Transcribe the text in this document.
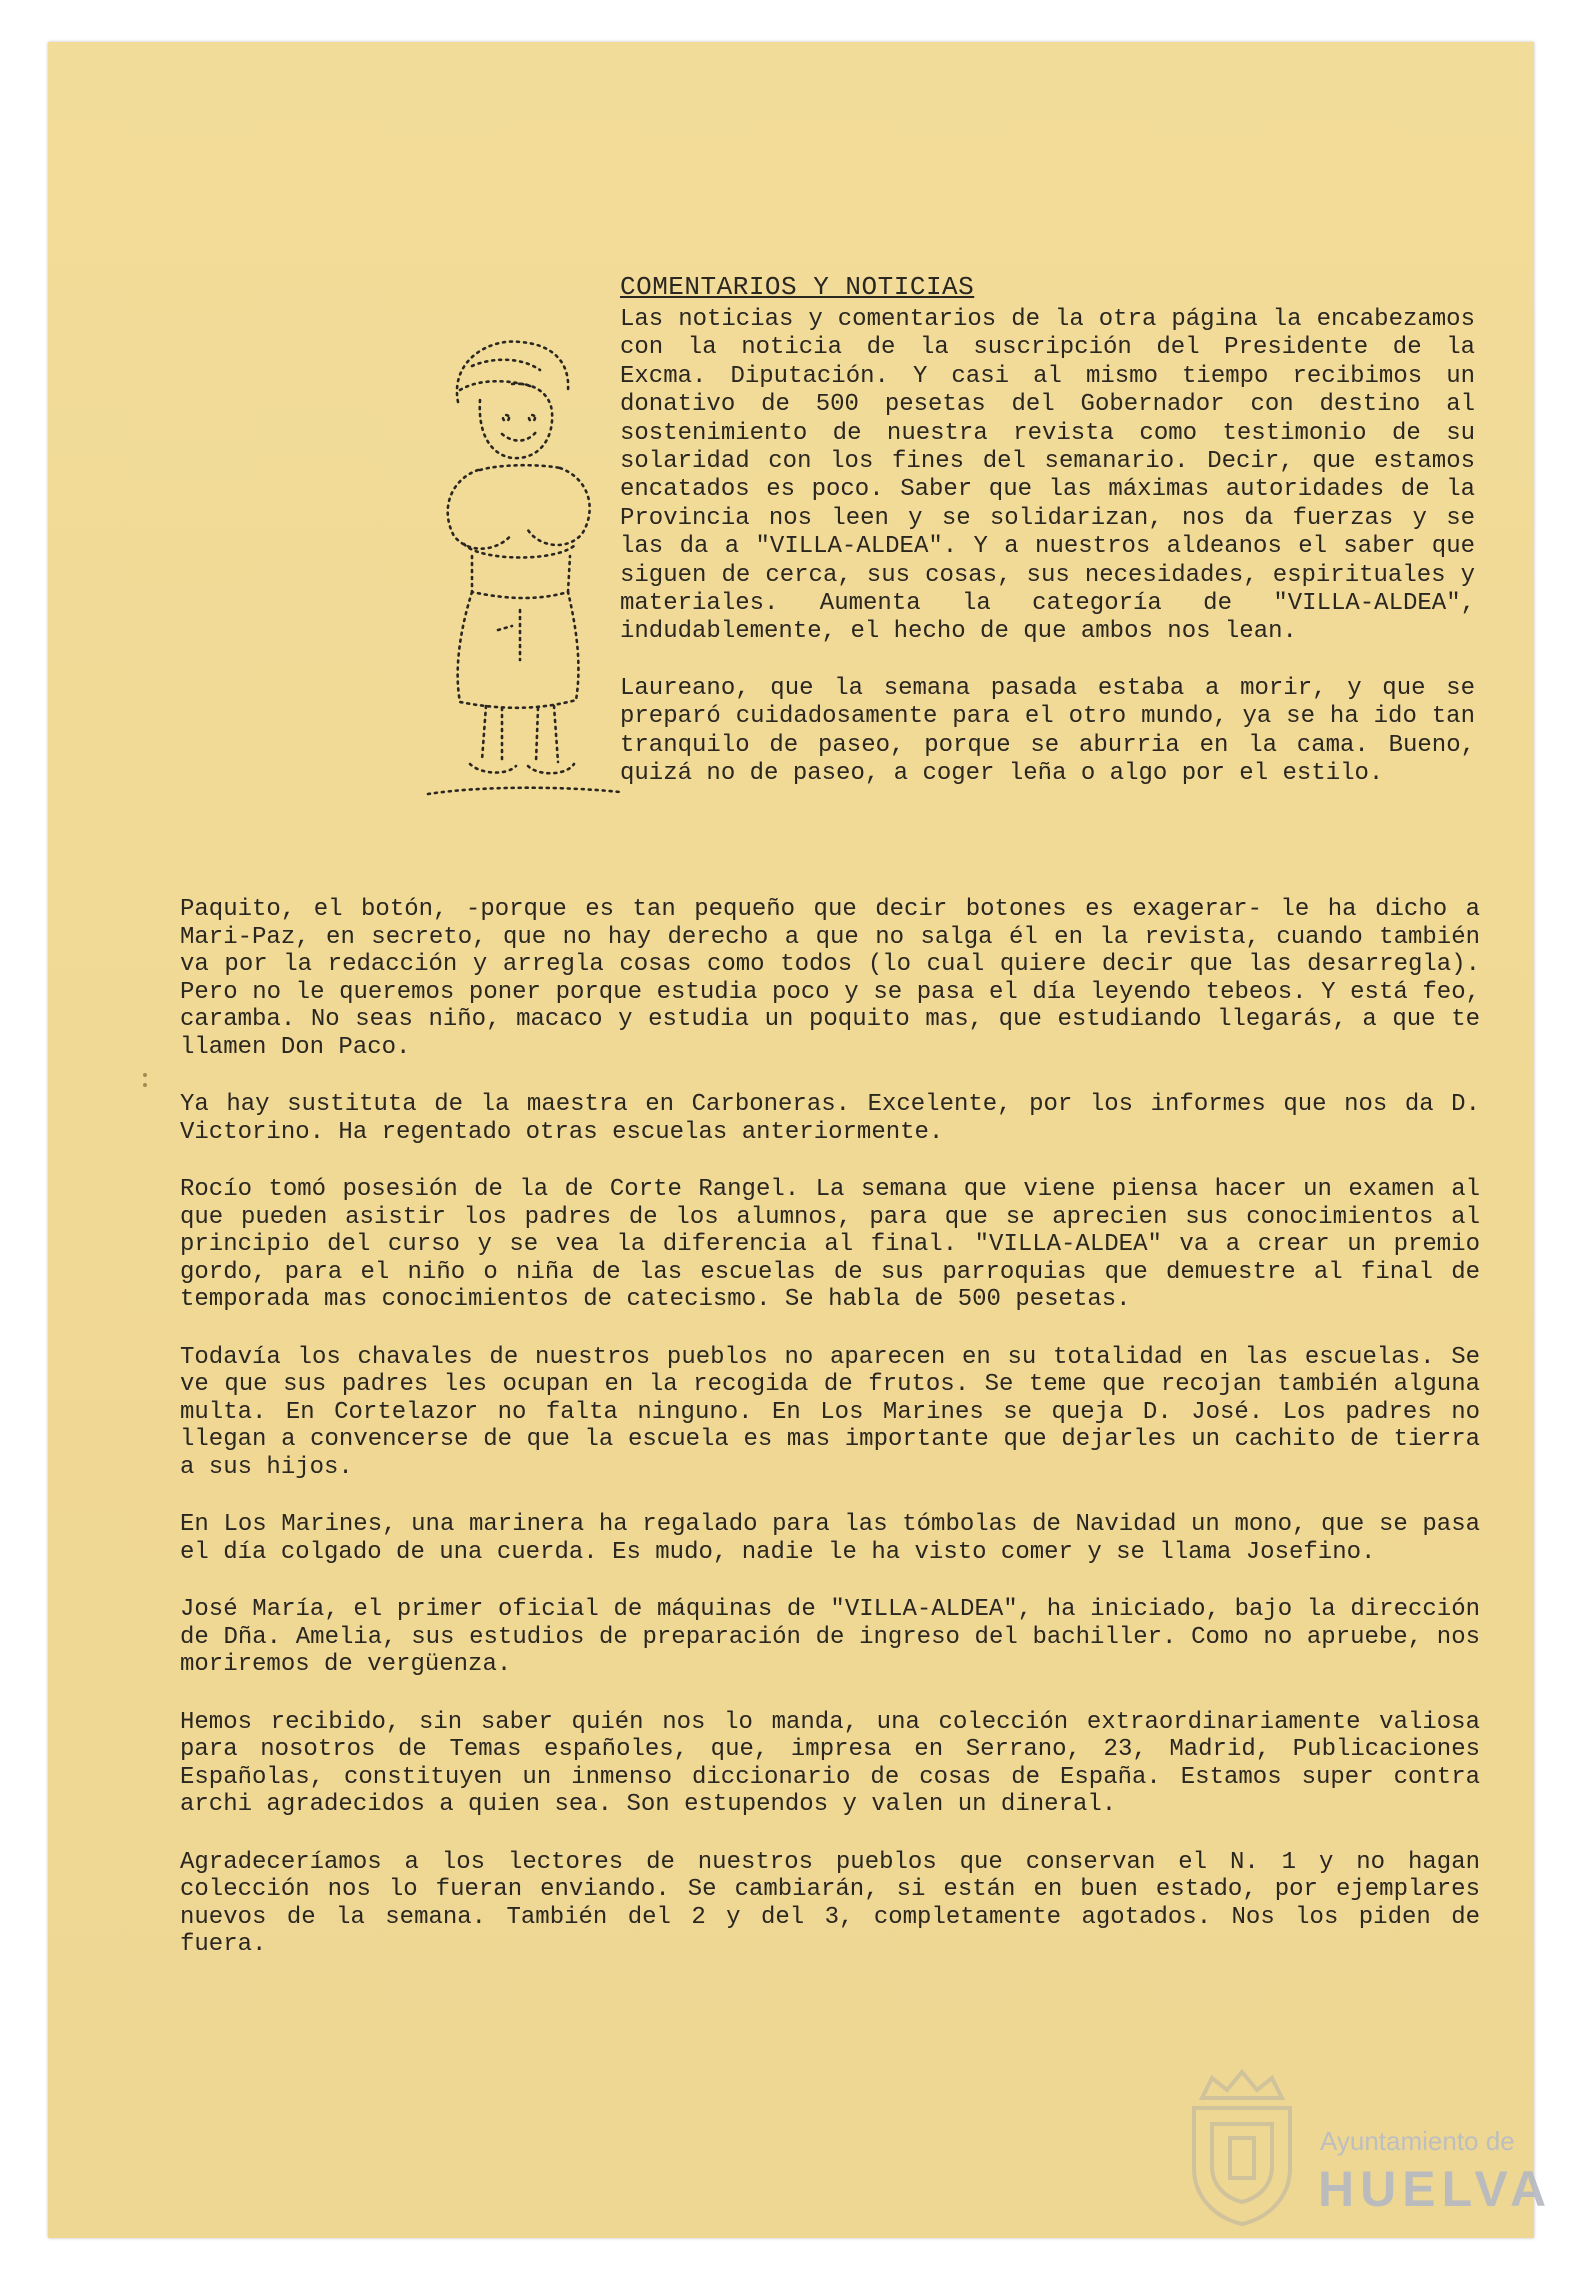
COMENTARIOS Y NOTICIAS

Las noticias y comentarios de la otra página la encabezamos con la noticia de la suscripción del Presidente de la Excma. Diputación. Y casi al mismo tiempo recibimos un donativo de 500 pesetas del Gobernador con destino al sostenimiento de nuestra revista como testimonio de su solaridad con los fines del semanario. Decir, que estamos encatados es poco. Saber que las máximas autoridades de la Provincia nos leen y se solidarizan, nos da fuerzas y se las da a "VILLA-ALDEA". Y a nuestros aldeanos el saber que siguen de cerca, sus cosas, sus necesidades, espirituales y materiales. Aumenta la categoría de "VILLA-ALDEA", indudablemente, el hecho de que ambos nos lean.

Laureano, que la semana pasada estaba a morir, y que se preparó cuidadosamente para el otro mundo, ya se ha ido tan tranquilo de paseo, porque se aburria en la cama. Bueno, quizá no de paseo, a coger leña o algo por el estilo.

Paquito, el botón, -porque es tan pequeño que decir botones es exagerar- le ha dicho a Mari-Paz, en secreto, que no hay derecho a que no salga él en la revista, cuando también va por la redacción y arregla cosas como todos (lo cual quiere decir que las desarregla). Pero no le queremos poner porque estudia poco y se pasa el día leyendo tebeos. Y está feo, caramba. No seas niño, macaco y estudia un poquito mas, que estudiando llegarás, a que te llamen Don Paco.

Ya hay sustituta de la maestra en Carboneras. Excelente, por los informes que nos da D. Victorino. Ha regentado otras escuelas anteriormente.

Rocío tomó posesión de la de Corte Rangel. La semana que viene piensa hacer un examen al que pueden asistir los padres de los alumnos, para que se aprecien sus conocimientos al principio del curso y se vea la diferencia al final. "VILLA-ALDEA" va a crear un premio gordo, para el niño o niña de las escuelas de sus parroquias que demuestre al final de temporada mas conocimientos de catecismo. Se habla de 500 pesetas.

Todavía los chavales de nuestros pueblos no aparecen en su totalidad en las escuelas. Se ve que sus padres les ocupan en la recogida de frutos. Se teme que recojan también alguna multa. En Cortelazor no falta ninguno. En Los Marines se queja D. José. Los padres no llegan a convencerse de que la escuela es mas importante que dejarles un cachito de tierra a sus hijos.

En Los Marines, una marinera ha regalado para las tómbolas de Navidad un mono, que se pasa el día colgado de una cuerda. Es mudo, nadie le ha visto comer y se llama Josefino.

José María, el primer oficial de máquinas de "VILLA-ALDEA", ha iniciado, bajo la dirección de Dña. Amelia, sus estudios de preparación de ingreso del bachiller. Como no apruebe, nos moriremos de vergüenza.

Hemos recibido, sin saber quién nos lo manda, una colección extraordinariamente valiosa para nosotros de Temas españoles, que, impresa en Serrano, 23, Madrid, Publicaciones Españolas, constituyen un inmenso diccionario de cosas de España. Estamos super contra archi agradecidos a quien sea. Son estupendos y valen un dineral.

Agradeceríamos a los lectores de nuestros pueblos que conservan el N. 1 y no hagan colección nos lo fueran enviando. Se cambiarán, si están en buen estado, por ejemplares nuevos de la semana. También del 2 y del 3, completamente agotados. Nos los piden de fuera.

Ayuntamiento de
HUELVA
